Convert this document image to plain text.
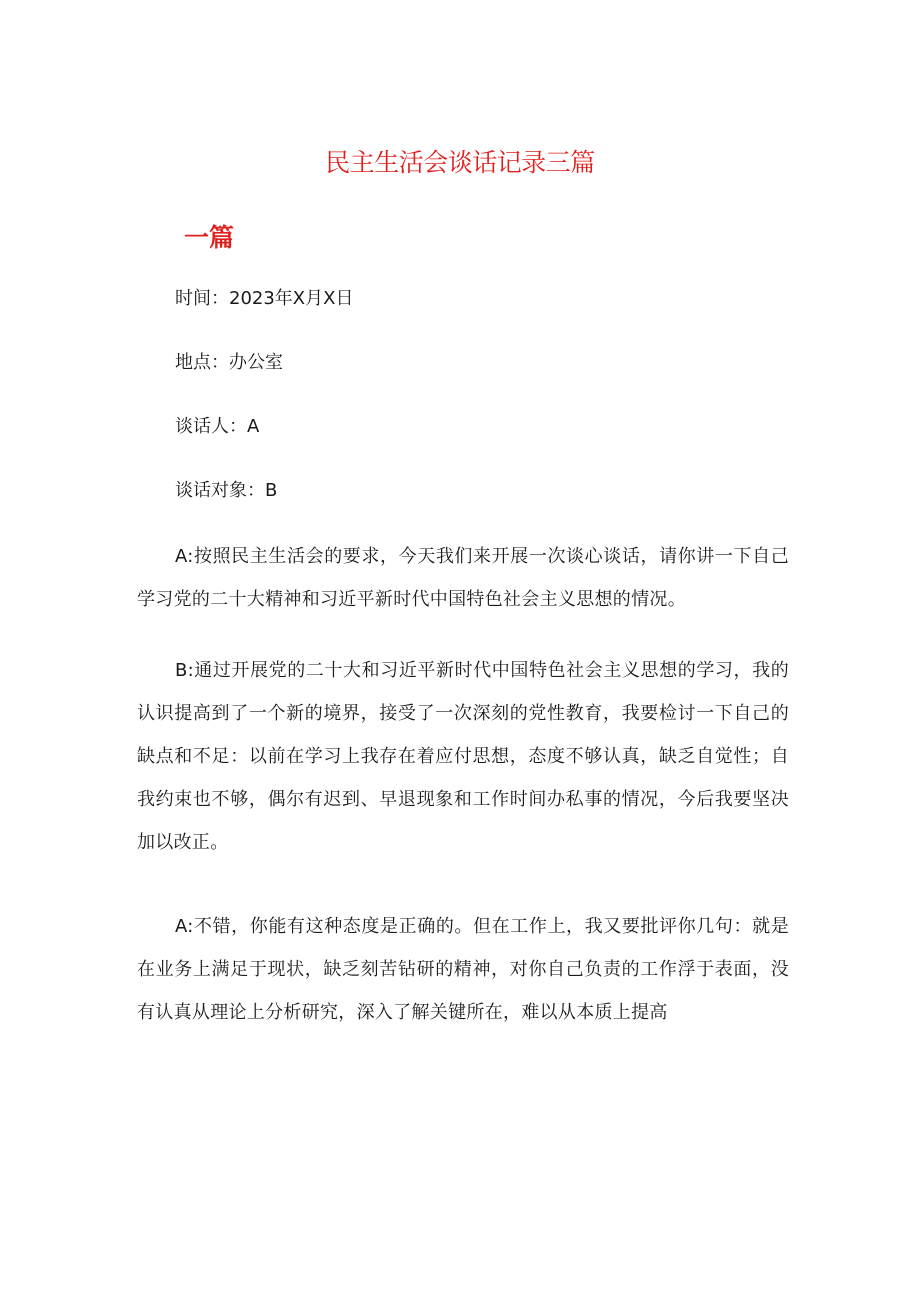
民主生活会谈话记录三篇
一篇
时间：2023年X月X日
地点：办公室
谈话人：A
谈话对象：B
A:按照民主生活会的要求，今天我们来开展一次谈心谈话，请你讲一下自己学习党的二十大精神和习近平新时代中国特色社会主义思想的情况。
B:通过开展党的二十大和习近平新时代中国特色社会主义思想的学习，我的认识提高到了一个新的境界，接受了一次深刻的党性教育，我要检讨一下自己的缺点和不足：以前在学习上我存在着应付思想，态度不够认真，缺乏自觉性；自我约束也不够，偶尔有迟到、早退现象和工作时间办私事的情况，今后我要坚决加以改正。
A:不错，你能有这种态度是正确的。但在工作上，我又要批评你几句：就是在业务上满足于现状，缺乏刻苦钻研的精神，对你自己负责的工作浮于表面，没有认真从理论上分析研究，深入了解关键所在，难以从本质上提高
